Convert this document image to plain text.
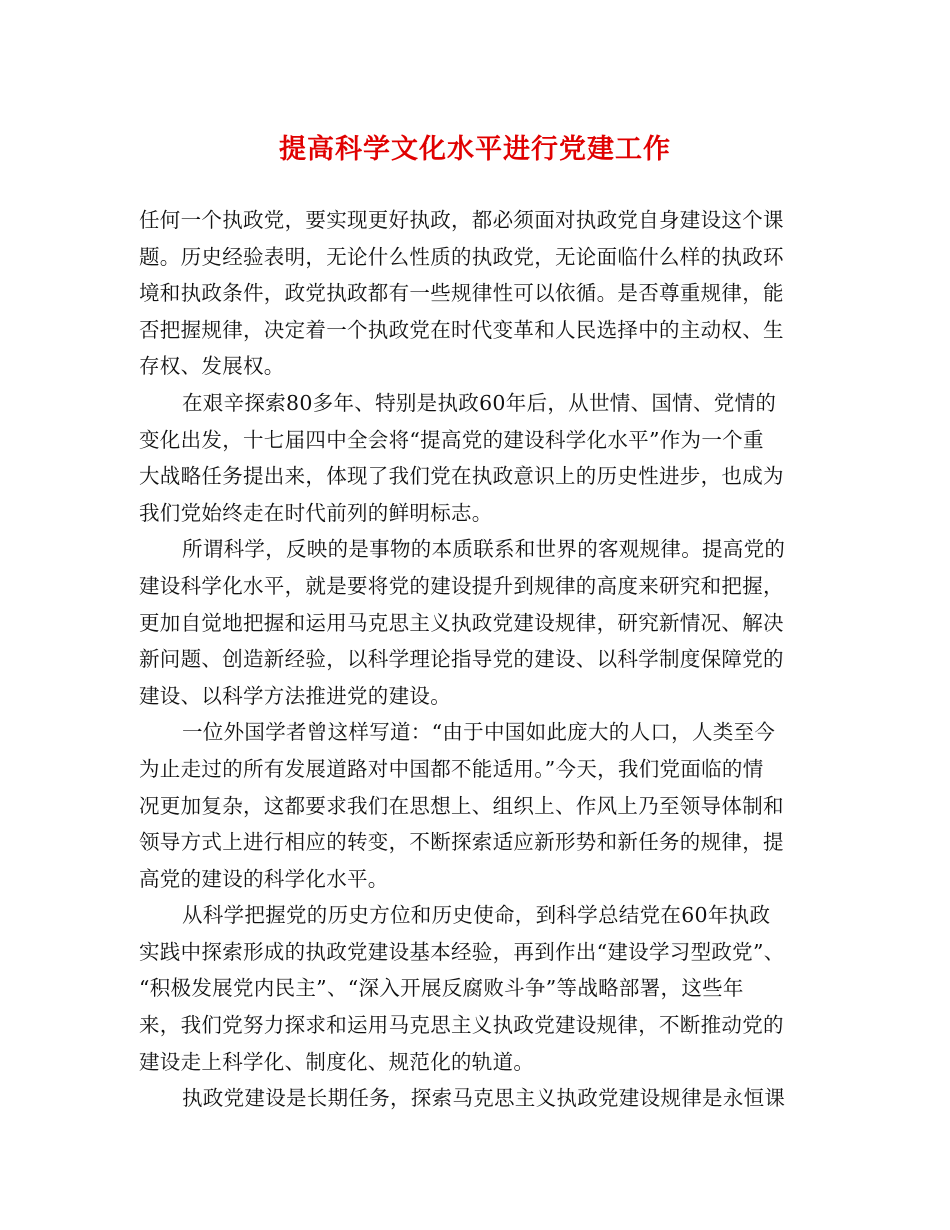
提高科学文化水平进行党建工作
任何一个执政党，要实现更好执政，都必须面对执政党自身建设这个课
题。历史经验表明，无论什么性质的执政党，无论面临什么样的执政环
境和执政条件，政党执政都有一些规律性可以依循。是否尊重规律，能
否把握规律，决定着一个执政党在时代变革和人民选择中的主动权、生
存权、发展权。
在艰辛探索80多年、特别是执政60年后，从世情、国情、党情的
变化出发，十七届四中全会将“提高党的建设科学化水平”作为一个重
大战略任务提出来，体现了我们党在执政意识上的历史性进步，也成为
我们党始终走在时代前列的鲜明标志。
所谓科学，反映的是事物的本质联系和世界的客观规律。提高党的
建设科学化水平，就是要将党的建设提升到规律的高度来研究和把握，
更加自觉地把握和运用马克思主义执政党建设规律，研究新情况、解决
新问题、创造新经验，以科学理论指导党的建设、以科学制度保障党的
建设、以科学方法推进党的建设。
一位外国学者曾这样写道：“由于中国如此庞大的人口，人类至今
为止走过的所有发展道路对中国都不能适用。”今天，我们党面临的情
况更加复杂，这都要求我们在思想上、组织上、作风上乃至领导体制和
领导方式上进行相应的转变，不断探索适应新形势和新任务的规律，提
高党的建设的科学化水平。
从科学把握党的历史方位和历史使命，到科学总结党在60年执政
实践中探索形成的执政党建设基本经验，再到作出“建设学习型政党”、
“积极发展党内民主”、“深入开展反腐败斗争”等战略部署，这些年
来，我们党努力探求和运用马克思主义执政党建设规律，不断推动党的
建设走上科学化、制度化、规范化的轨道。
执政党建设是长期任务，探索马克思主义执政党建设规律是永恒课
